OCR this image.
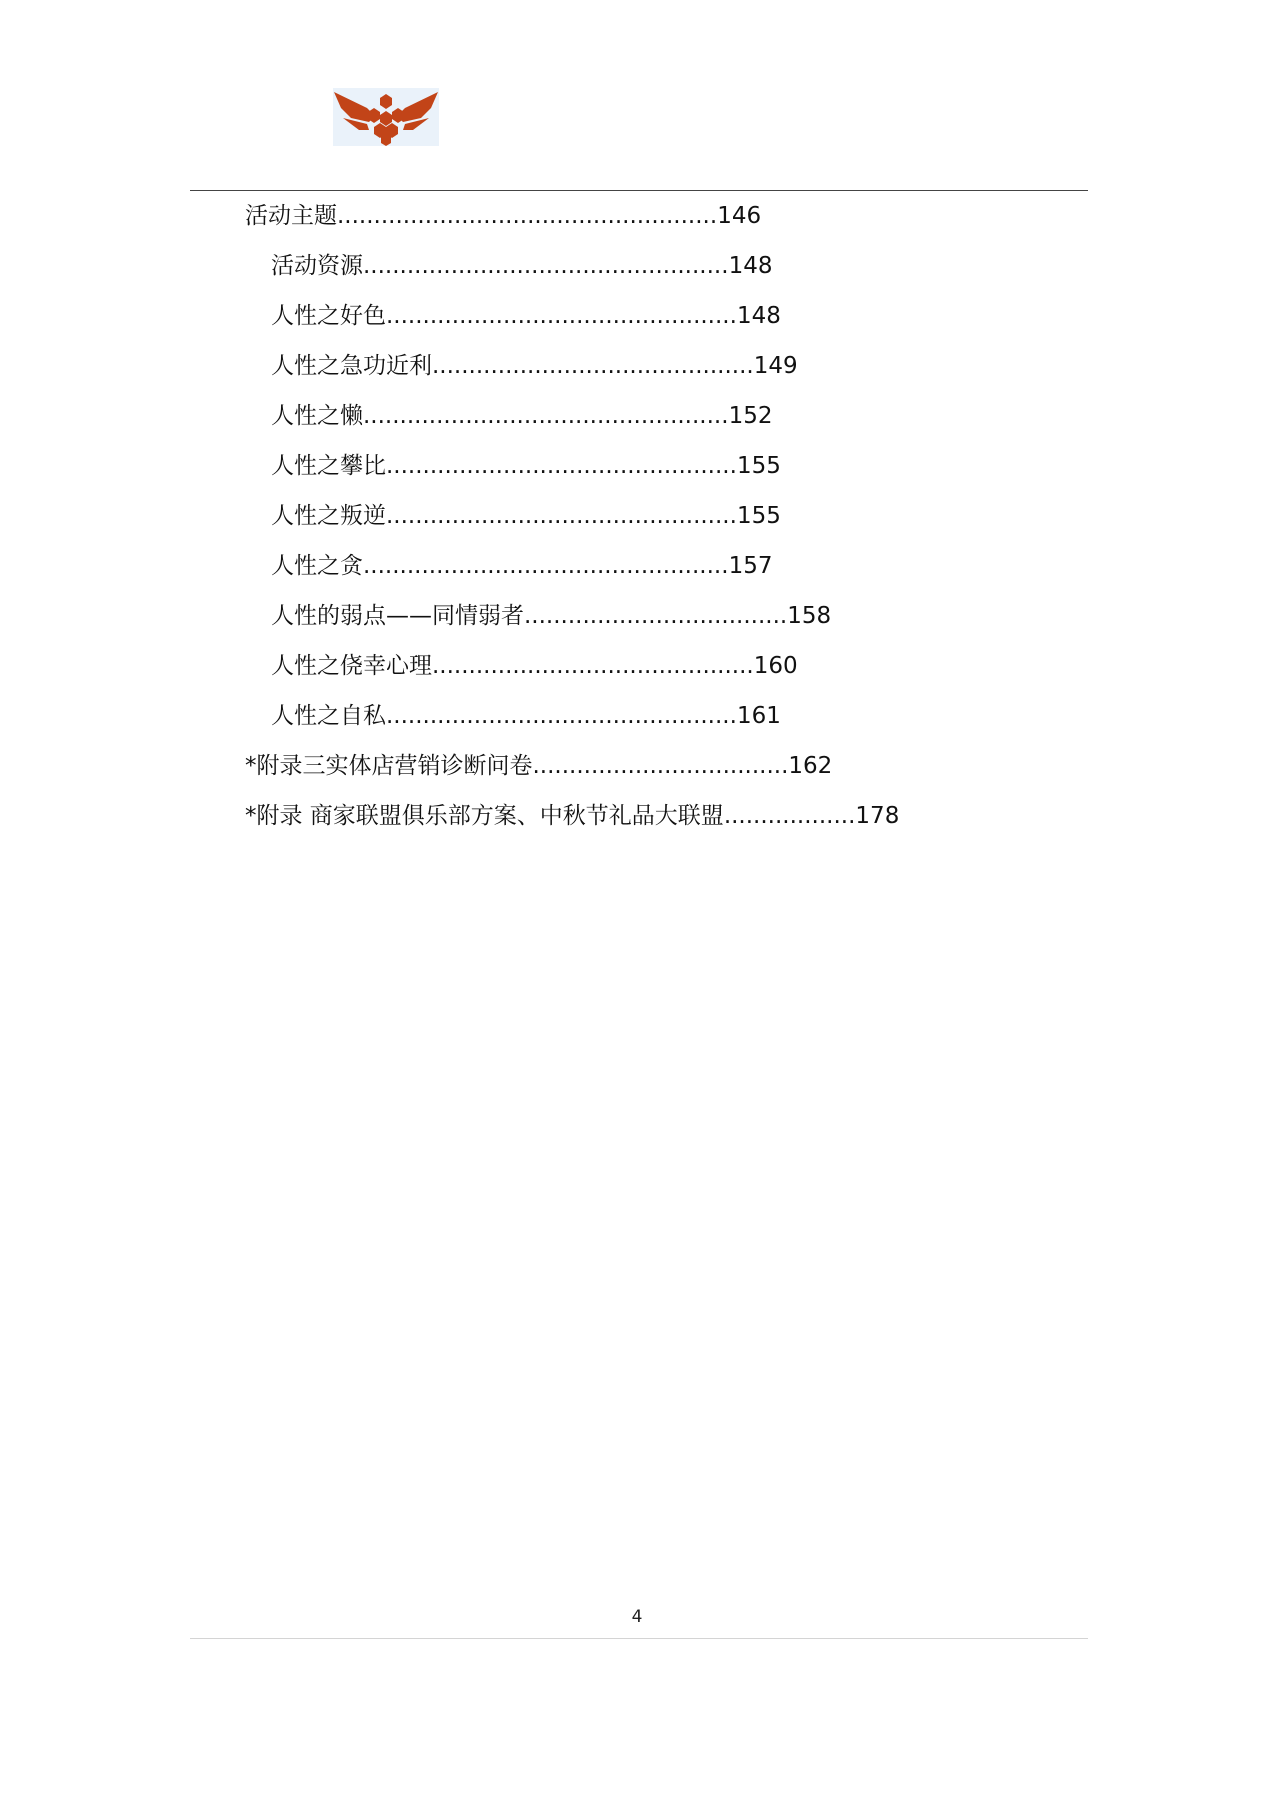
活动主题....................................................146
活动资源..................................................148
人性之好色................................................148
人性之急功近利............................................149
人性之懒..................................................152
人性之攀比................................................155
人性之叛逆................................................155
人性之贪..................................................157
人性的弱点——同情弱者....................................158
人性之侥幸心理............................................160
人性之自私................................................161
*附录三实体店营销诊断问卷...................................162
*附录 商家联盟俱乐部方案、中秋节礼品大联盟..................178
4
